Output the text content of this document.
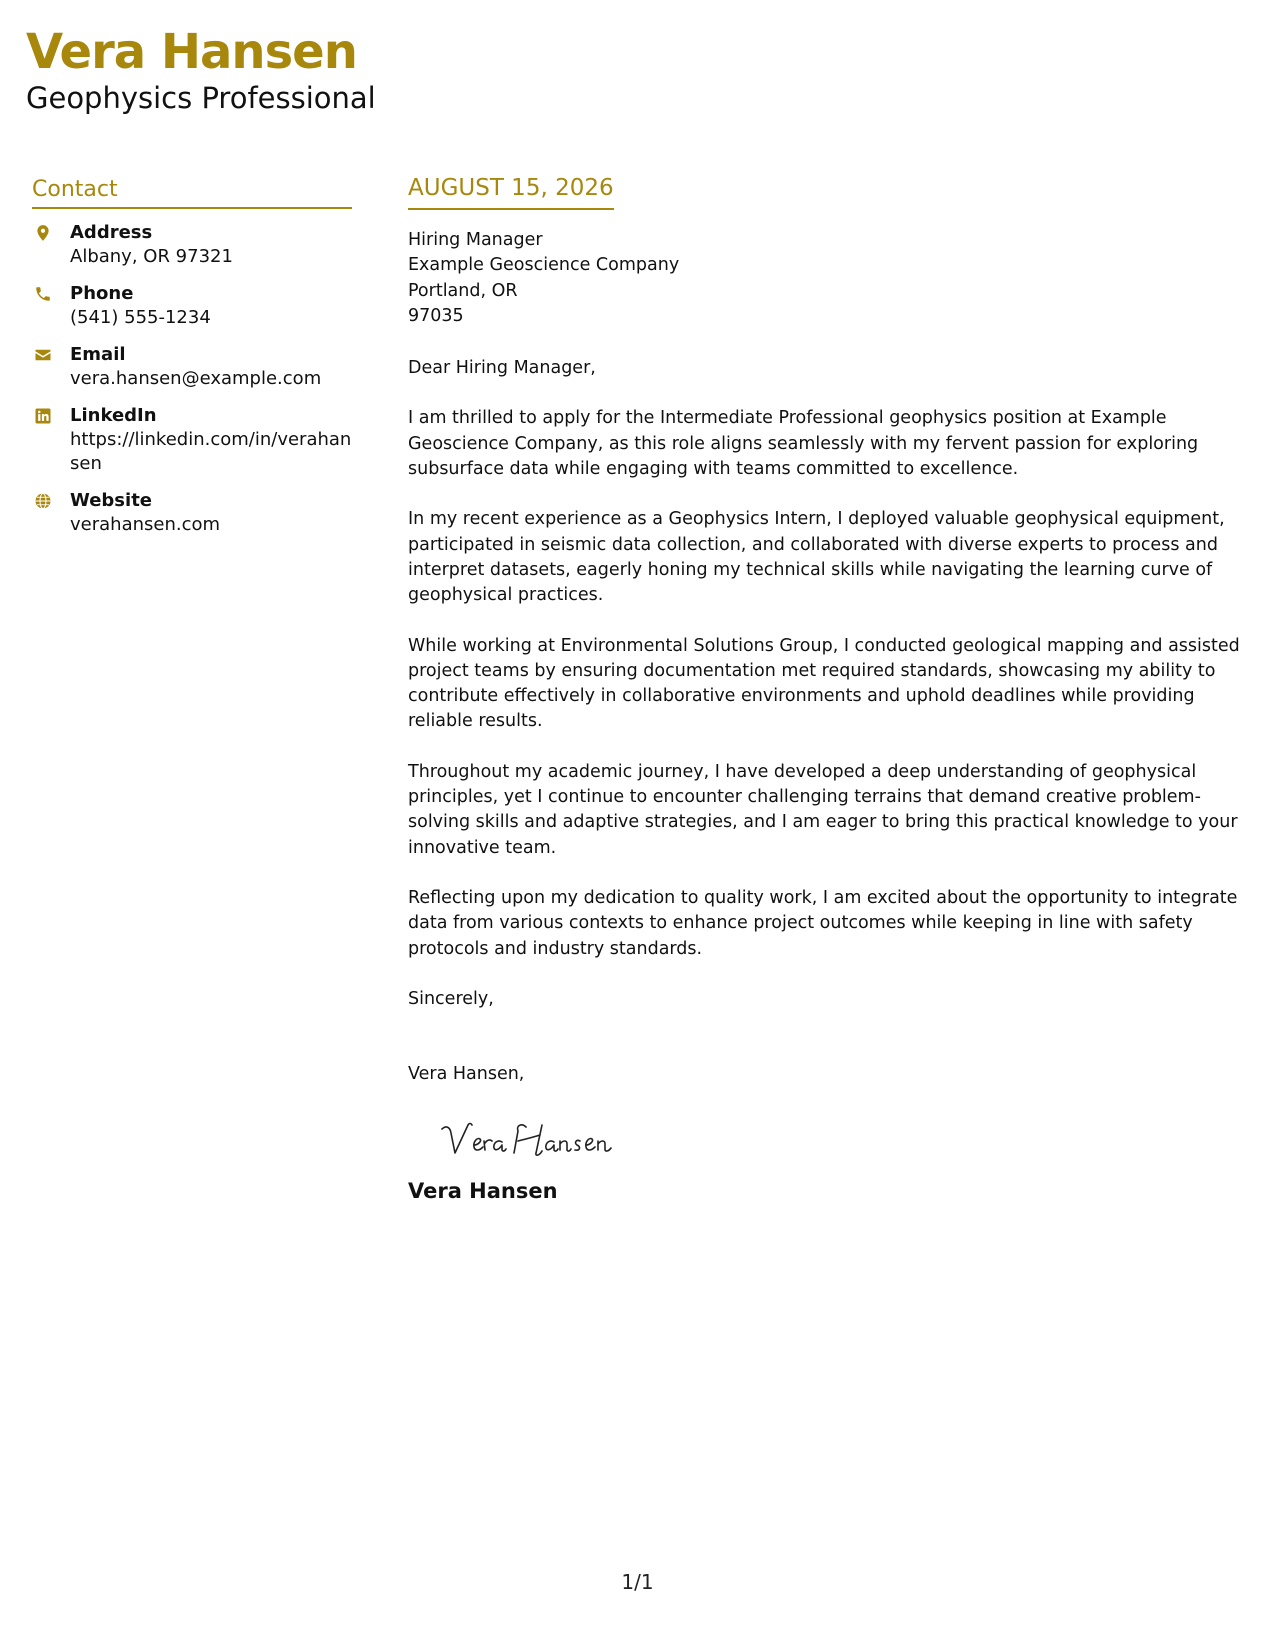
Vera Hansen
Geophysics Professional
Contact
Address
Albany, OR 97321
Phone
(541) 555-1234
Email
vera.hansen@example.com
LinkedIn
https://linkedin.com/in/verahansen
Website
verahansen.com
AUGUST 15, 2026
Hiring Manager
Example Geoscience Company
Portland, OR
97035
Dear Hiring Manager,
I am thrilled to apply for the Intermediate Professional geophysics position at Example Geoscience Company, as this role aligns seamlessly with my fervent passion for exploring subsurface data while engaging with teams committed to excellence.
In my recent experience as a Geophysics Intern, I deployed valuable geophysical equipment, participated in seismic data collection, and collaborated with diverse experts to process and interpret datasets, eagerly honing my technical skills while navigating the learning curve of geophysical practices.
While working at Environmental Solutions Group, I conducted geological mapping and assisted project teams by ensuring documentation met required standards, showcasing my ability to contribute effectively in collaborative environments and uphold deadlines while providing reliable results.
Throughout my academic journey, I have developed a deep understanding of geophysical principles, yet I continue to encounter challenging terrains that demand creative problem-solving skills and adaptive strategies, and I am eager to bring this practical knowledge to your innovative team.
Reflecting upon my dedication to quality work, I am excited about the opportunity to integrate data from various contexts to enhance project outcomes while keeping in line with safety protocols and industry standards.
Sincerely,
Vera Hansen,
Vera Hansen
1/1
